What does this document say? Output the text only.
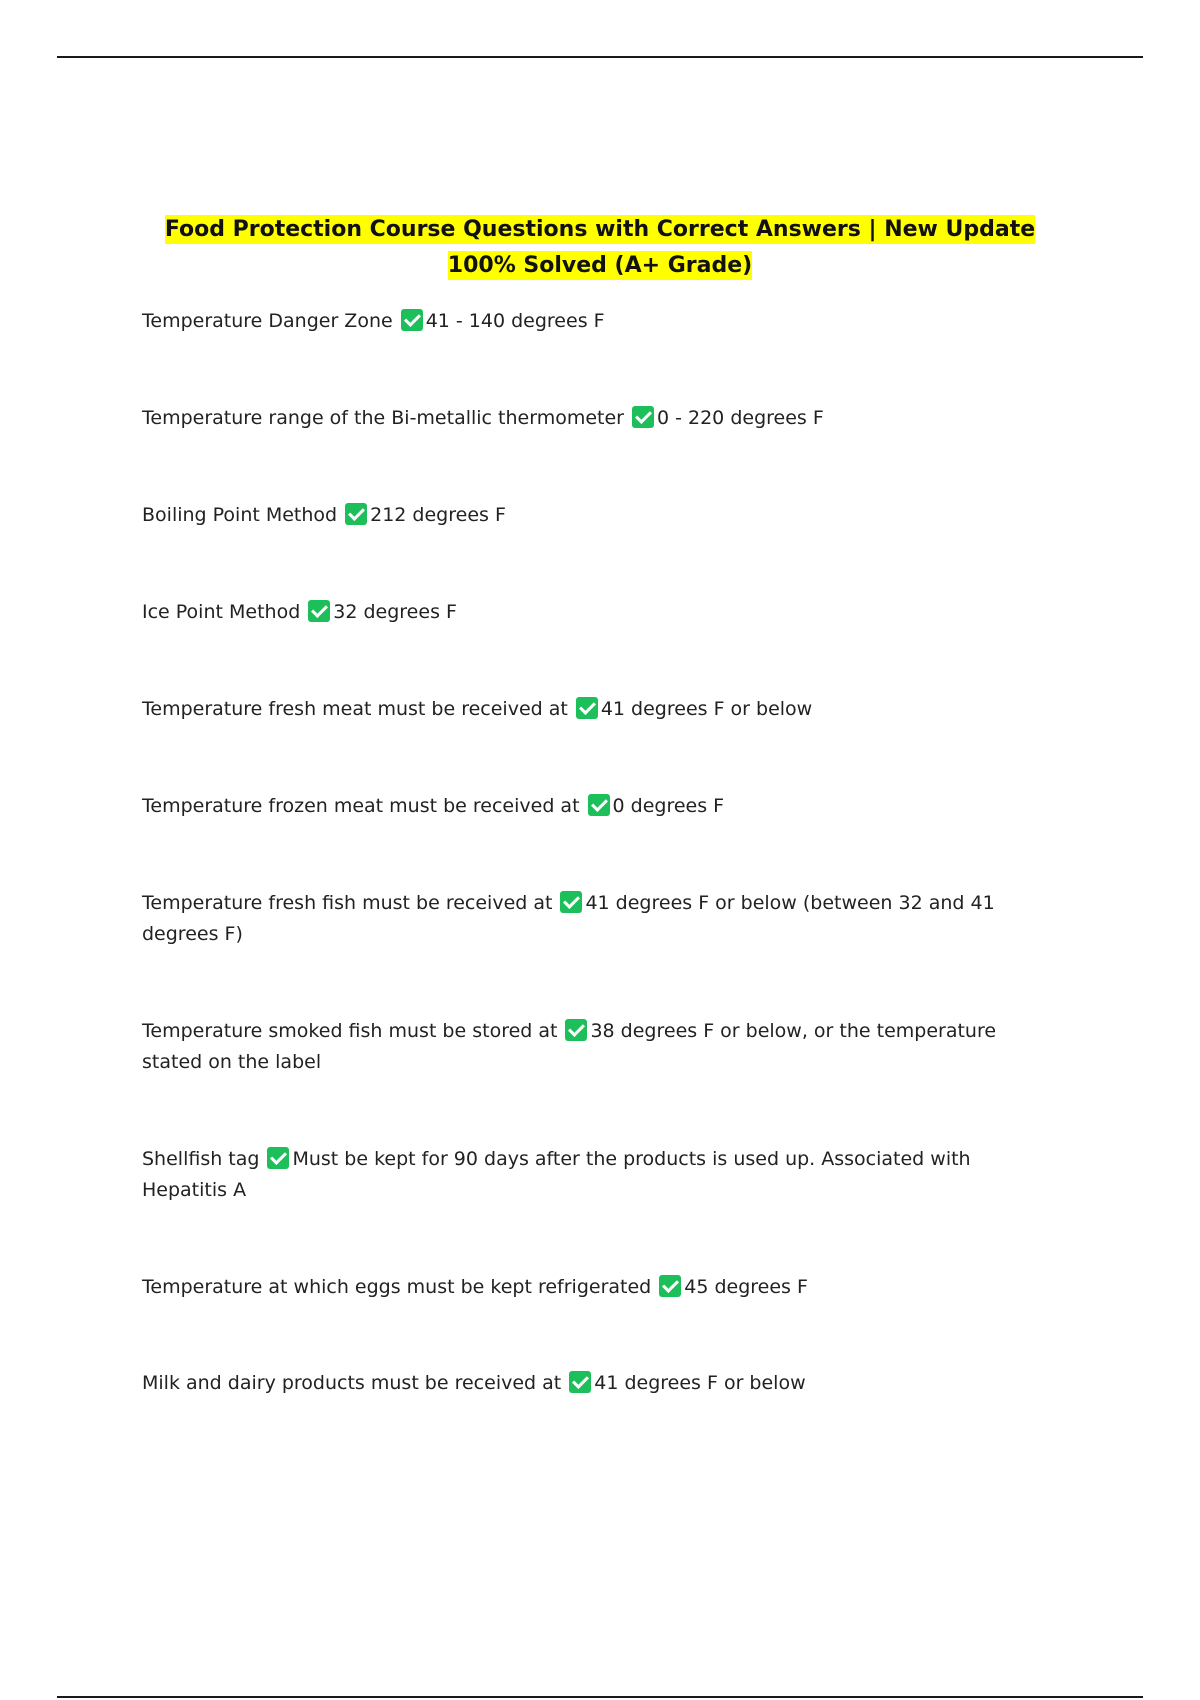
Food Protection Course Questions with Correct Answers | New Update 100% Solved (A+ Grade)
Temperature Danger Zone 41 - 140 degrees F
Temperature range of the Bi-metallic thermometer 0 - 220 degrees F
Boiling Point Method 212 degrees F
Ice Point Method 32 degrees F
Temperature fresh meat must be received at 41 degrees F or below
Temperature frozen meat must be received at 0 degrees F
Temperature fresh fish must be received at 41 degrees F or below (between 32 and 41 degrees F)
Temperature smoked fish must be stored at 38 degrees F or below, or the temperature stated on the label
Shellfish tag Must be kept for 90 days after the products is used up. Associated with Hepatitis A
Temperature at which eggs must be kept refrigerated 45 degrees F
Milk and dairy products must be received at 41 degrees F or below
